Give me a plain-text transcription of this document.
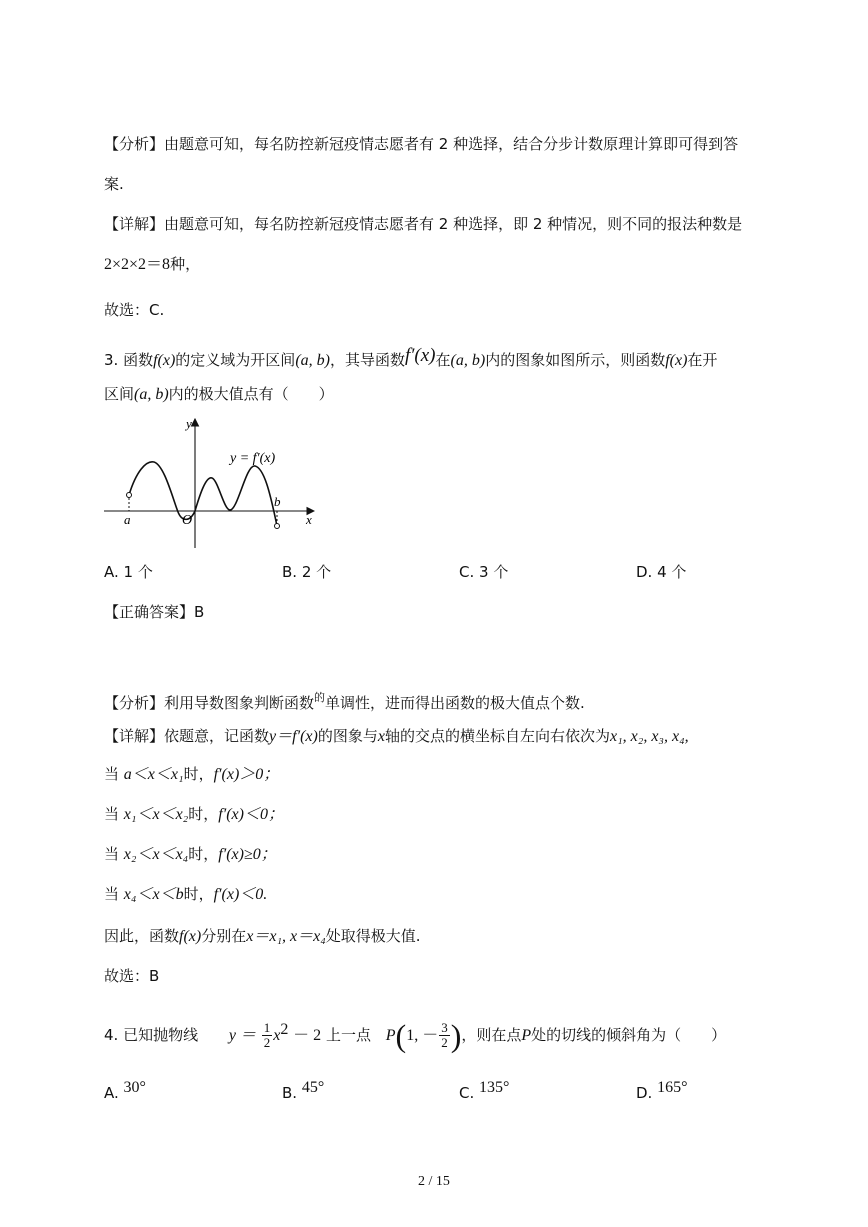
【分析】由题意可知，每名防控新冠疫情志愿者有 2 种选择，结合分步计数原理计算即可得到答
案.
【详解】由题意可知，每名防控新冠疫情志愿者有 2 种选择，即 2 种情况，则不同的报法种数是
2×2×2＝8种，
故选：C.
3. 函数f(x)的定义域为开区间(a, b)，其导函数f′(x)在(a, b)内的图象如图所示，则函数f(x)在开
区间(a, b)内的极大值点有（　　）
y
x
O
a
b
y = f′(x)
A. 1 个	B. 2 个	C. 3 个	D. 4 个
【正确答案】B
【分析】利用导数图象判断函数$^的$单调性，进而得出函数的极大值点个数.
【详解】依题意，记函数y＝f′(x)的图象与x轴的交点的横坐标自左向右依次为x₁, x₂, x₃, x₄,
当 a＜x＜x₁时，f′(x)＞0；
当 x₁＜x＜x₂时，f′(x)＜0；
当 x₂＜x＜x₄时，f′(x)≥0；
当 x₄＜x＜b时，f′(x)＜0.
因此，函数f(x)分别在x＝x₁, x＝x₄处取得极大值.
故选：B
4. 已知抛物线 $y = \frac{1}{2} x^2 - 2$ 上一点 P(1, － $\frac{3}{2}$ )，则在点P处的切线的倾斜角为（　　）
A. 30°	B. 45°	C. 135°	D. 165°
2 / 15
